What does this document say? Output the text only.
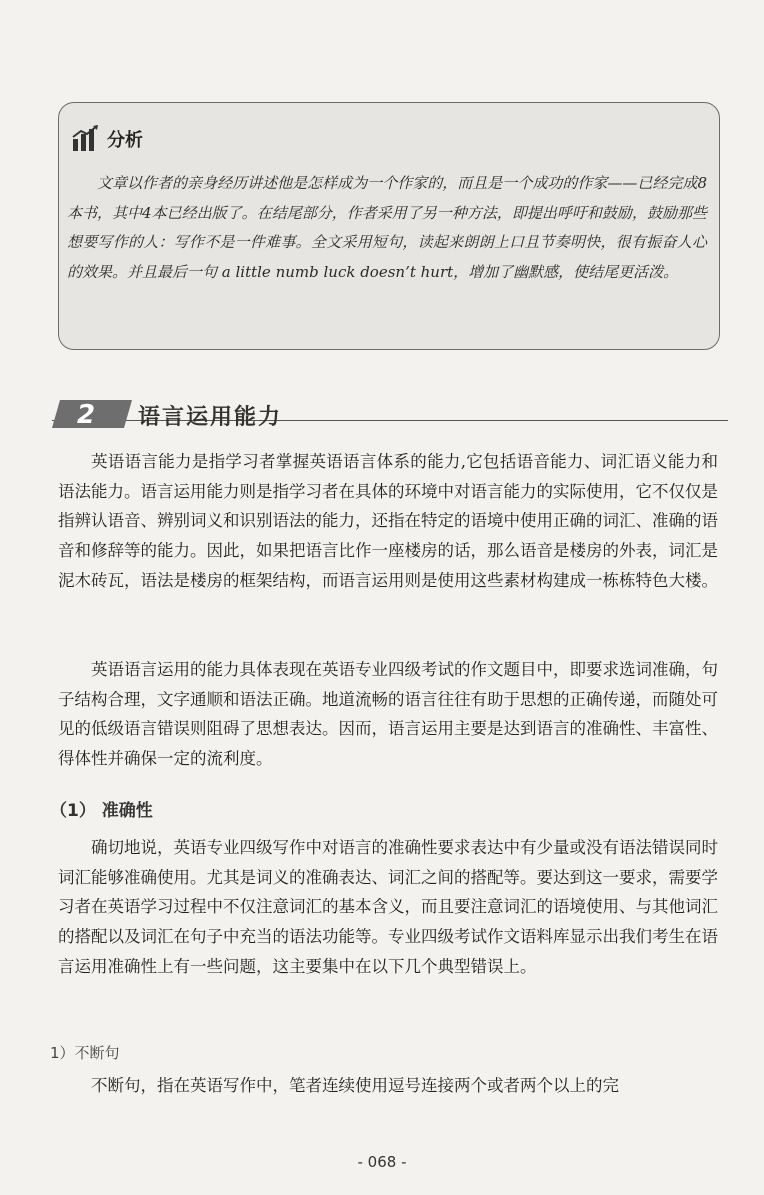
分析
文章以作者的亲身经历讲述他是怎样成为一个作家的，而且是一个成功的作家——已经完成8本书，其中4本已经出版了。在结尾部分，作者采用了另一种方法，即提出呼吁和鼓励，鼓励那些想要写作的人：写作不是一件难事。全文采用短句，读起来朗朗上口且节奏明快，很有振奋人心的效果。并且最后一句 a little numb luck doesn’t hurt，增加了幽默感，使结尾更活泼。
2 语言运用能力
英语语言能力是指学习者掌握英语语言体系的能力,它包括语音能力、词汇语义能力和语法能力。语言运用能力则是指学习者在具体的环境中对语言能力的实际使用，它不仅仅是指辨认语音、辨别词义和识别语法的能力，还指在特定的语境中使用正确的词汇、准确的语音和修辞等的能力。因此，如果把语言比作一座楼房的话，那么语音是楼房的外表，词汇是泥木砖瓦，语法是楼房的框架结构，而语言运用则是使用这些素材构建成一栋栋特色大楼。
英语语言运用的能力具体表现在英语专业四级考试的作文题目中，即要求选词准确，句子结构合理，文字通顺和语法正确。地道流畅的语言往往有助于思想的正确传递，而随处可见的低级语言错误则阻碍了思想表达。因而，语言运用主要是达到语言的准确性、丰富性、得体性并确保一定的流利度。
（1） 准确性
确切地说，英语专业四级写作中对语言的准确性要求表达中有少量或没有语法错误同时词汇能够准确使用。尤其是词义的准确表达、词汇之间的搭配等。要达到这一要求，需要学习者在英语学习过程中不仅注意词汇的基本含义，而且要注意词汇的语境使用、与其他词汇的搭配以及词汇在句子中充当的语法功能等。专业四级考试作文语料库显示出我们考生在语言运用准确性上有一些问题，这主要集中在以下几个典型错误上。
1）不断句
不断句，指在英语写作中，笔者连续使用逗号连接两个或者两个以上的完
- 068 -
